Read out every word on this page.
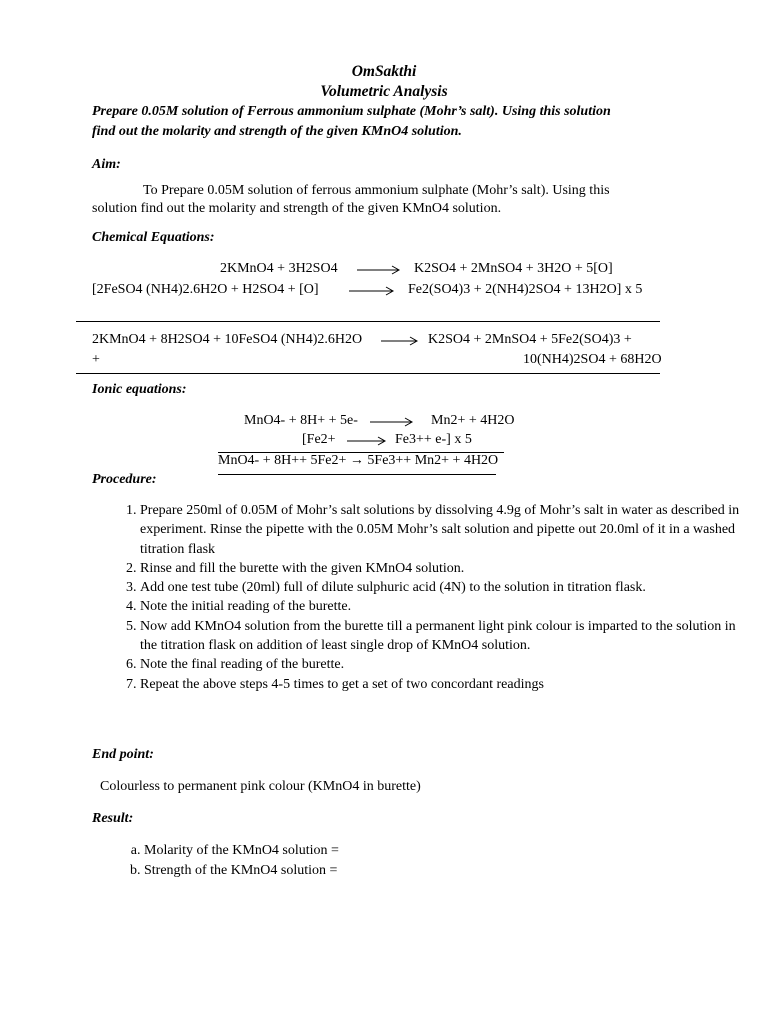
OmSakthi
Volumetric Analysis
Prepare 0.05M solution of Ferrous ammonium sulphate (Mohr’s salt). Using this solution
find out the molarity and strength of the given KMnO4 solution.
Aim:
To Prepare 0.05M solution of ferrous ammonium sulphate (Mohr’s salt). Using this
solution find out the molarity and strength of the given KMnO4 solution.
Chemical Equations:
2KMnO4 + 3H2SO4 → K2SO4 + 2MnSO4 + 3H2O + 5[O]
[2FeSO4 (NH4)2.6H2O + H2SO4 + [O] → Fe2(SO4)3 + 2(NH4)2SO4 + 13H2O] x 5
2KMnO4 + 8H2SO4 + 10FeSO4 (NH4)2.6H2O → K2SO4 + 2MnSO4 + 5Fe2(SO4)3 +
+	10(NH4)2SO4 + 68H2O
Ionic equations:
MnO4- + 8H+ + 5e- → Mn2+ + 4H2O
[Fe2+ → Fe3++ e-] x 5
MnO4- + 8H++ 5Fe2+ → 5Fe3++ Mn2+ + 4H2O
Procedure:
1. Prepare 250ml of 0.05M of Mohr’s salt solutions by dissolving 4.9g of Mohr’s salt in water as described in experiment. Rinse the pipette with the 0.05M Mohr’s salt solution and pipette out 20.0ml of it in a washed titration flask
2. Rinse and fill the burette with the given KMnO4 solution.
3. Add one test tube (20ml) full of dilute sulphuric acid (4N) to the solution in titration flask.
4. Note the initial reading of the burette.
5. Now add KMnO4 solution from the burette till a permanent light pink colour is imparted to the solution in the titration flask on addition of least single drop of KMnO4 solution.
6. Note the final reading of the burette.
7. Repeat the above steps 4-5 times to get a set of two concordant readings
End point:
Colourless to permanent pink colour (KMnO4 in burette)
Result:
a. Molarity of the KMnO4 solution =
b. Strength of the KMnO4 solution =
